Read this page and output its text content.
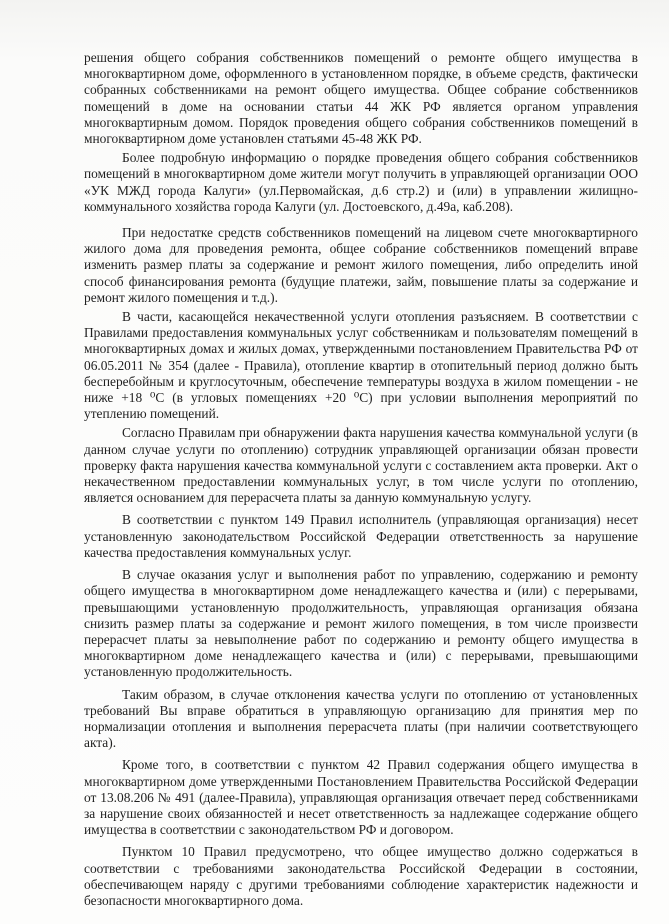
решения общего собрания собственников помещений о ремонте общего имущества в многоквартирном доме, оформленного в установленном порядке, в объеме средств, фактически собранных собственниками на ремонт общего имущества. Общее собрание собственников помещений в доме на основании статьи 44 ЖК РФ является органом управления многоквартирным домом. Порядок проведения общего собрания собственников помещений в многоквартирном доме установлен статьями 45-48 ЖК РФ.

Более подробную информацию о порядке проведения общего собрания собственников помещений в многоквартирном доме жители могут получить в управляющей организации ООО «УК МЖД города Калуги» (ул.Первомайская, д.6 стр.2) и (или) в управлении жилищно-коммунального хозяйства города Калуги (ул. Достоевского, д.49а, каб.208).

При недостатке средств собственников помещений на лицевом счете многоквартирного жилого дома для проведения ремонта, общее собрание собственников помещений вправе изменить размер платы за содержание и ремонт жилого помещения, либо определить иной способ финансирования ремонта (будущие платежи, займ, повышение платы за содержание и ремонт жилого помещения и т.д.).

В части, касающейся некачественной услуги отопления разъясняем. В соответствии с Правилами предоставления коммунальных услуг собственникам и пользователям помещений в многоквартирных домах и жилых домах, утвержденными постановлением Правительства РФ от 06.05.2011 № 354 (далее - Правила), отопление квартир в отопительный период должно быть бесперебойным и круглосуточным, обеспечение температуры воздуха в жилом помещении - не ниже +18 ⁰С (в угловых помещениях +20 ⁰С) при условии выполнения мероприятий по утеплению помещений.

Согласно Правилам при обнаружении факта нарушения качества коммунальной услуги (в данном случае услуги по отоплению) сотрудник управляющей организации обязан провести проверку факта нарушения качества коммунальной услуги с составлением акта проверки. Акт о некачественном предоставлении коммунальных услуг, в том числе услуги по отоплению, является основанием для перерасчета платы за данную коммунальную услугу.

В соответствии с пунктом 149 Правил исполнитель (управляющая организация) несет установленную законодательством Российской Федерации ответственность за нарушение качества предоставления коммунальных услуг.

В случае оказания услуг и выполнения работ по управлению, содержанию и ремонту общего имущества в многоквартирном доме ненадлежащего качества и (или) с перерывами, превышающими установленную продолжительность, управляющая организация обязана снизить размер платы за содержание и ремонт жилого помещения, в том числе произвести перерасчет платы за невыполнение работ по содержанию и ремонту общего имущества в многоквартирном доме ненадлежащего качества и (или) с перерывами, превышающими установленную продолжительность.

Таким образом, в случае отклонения качества услуги по отоплению от установленных требований Вы вправе обратиться в управляющую организацию для принятия мер по нормализации отопления и выполнения перерасчета платы (при наличии соответствующего акта).

Кроме того, в соответствии с пунктом 42 Правил содержания общего имущества в многоквартирном доме утвержденными Постановлением Правительства Российской Федерации от 13.08.206 № 491 (далее-Правила), управляющая организация отвечает перед собственниками за нарушение своих обязанностей и несет ответственность за надлежащее содержание общего имущества в соответствии с законодательством РФ и договором.

Пунктом 10 Правил предусмотрено, что общее имущество должно содержаться в соответствии с требованиями законодательства Российской Федерации в состоянии, обеспечивающем наряду с другими требованиями соблюдение характеристик надежности и безопасности многоквартирного дома.
